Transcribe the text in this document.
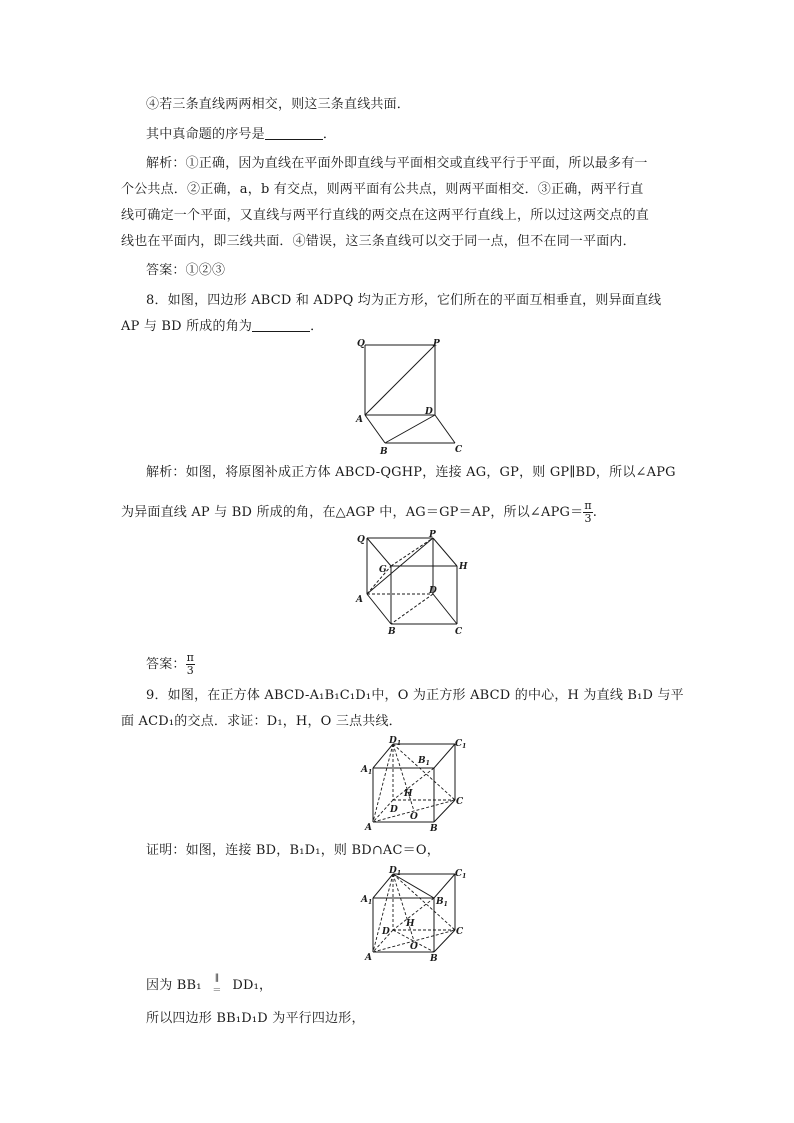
④若三条直线两两相交，则这三条直线共面．
其中真命题的序号是	．
解析：①正确，因为直线在平面外即直线与平面相交或直线平行于平面，所以最多有一
个公共点．②正确，a，b 有交点，则两平面有公共点，则两平面相交．③正确，两平行直
线可确定一个平面，又直线与两平行直线的两交点在这两平行直线上，所以过这两交点的直
线也在平面内，即三线共面．④错误，这三条直线可以交于同一点，但不在同一平面内．
答案：①②③
8．如图，四边形 ABCD 和 ADPQ 均为正方形，它们所在的平面互相垂直，则异面直线
AP 与 BD 所成的角为	．
Q	P
A
D
B	C
解析：如图，将原图补成正方体 ABCD-QGHP，连接 AG，GP，则 GP∥BD，所以∠APG
为异面直线 AP 与 BD 所成的角，在△AGP 中，AG＝GP＝AP，所以∠APG＝ $\frac{\pi}{3}$ .
Q	P
G	H
A
D
B	C
答案： $\frac{\pi}{3}$
9．如图，在正方体 ABCD-A₁B₁C₁D₁中，O 为正方形 ABCD 的中心，H 为直线 B₁D 与平
面 ACD₁的交点．求证：D₁，H，O 三点共线．
$D_1$	$C_1$
$A_1$
$B_1$
H
D
O
C
A	B
证明：如图，连接 BD，B₁D₁，则 BD∩AC＝O，
$D_1$	$C_1$
$A_1$	$B_1$
H
D
O
C
A	B
因为 BB₁	∥
＝ DD₁，
所以四边形 BB₁D₁D 为平行四边形，
